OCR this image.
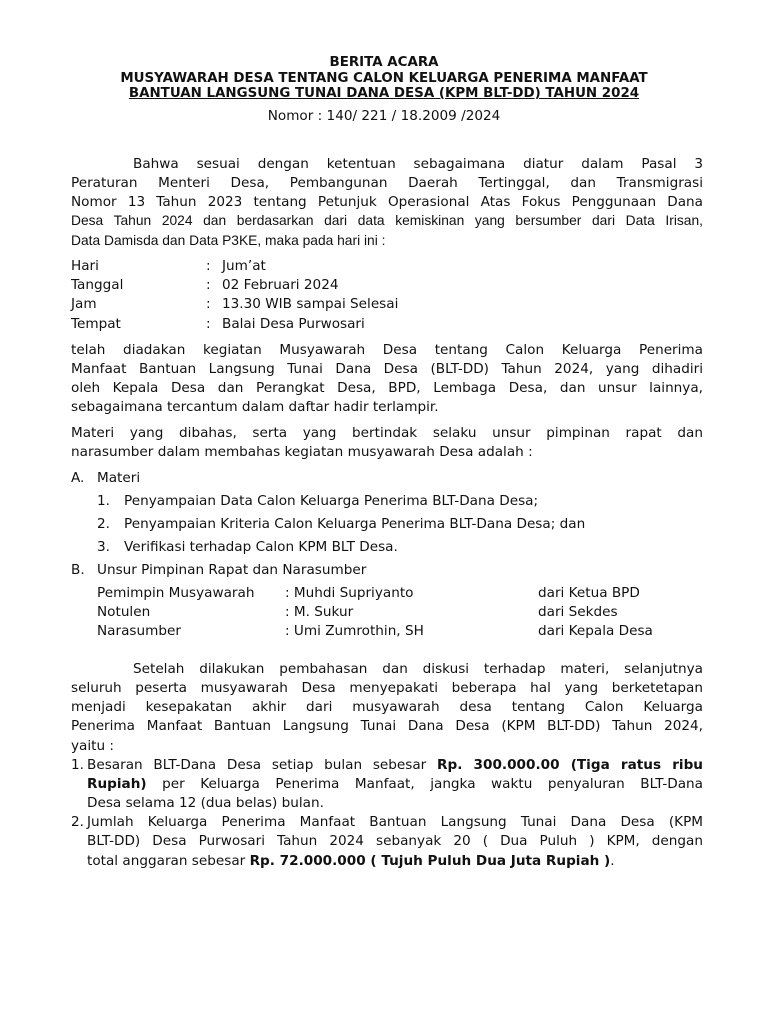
BERITA ACARA
MUSYAWARAH DESA TENTANG CALON KELUARGA PENERIMA MANFAAT
BANTUAN LANGSUNG TUNAI DANA DESA (KPM BLT-DD) TAHUN 2024
Nomor : 140/ 221 / 18.2009 /2024
Bahwa sesuai dengan ketentuan sebagaimana diatur dalam Pasal 3
Peraturan Menteri Desa, Pembangunan Daerah Tertinggal, dan Transmigrasi
Nomor 13 Tahun 2023 tentang Petunjuk Operasional Atas Fokus Penggunaan Dana
Desa Tahun 2024 dan berdasarkan dari data kemiskinan yang bersumber dari Data Irisan,
Data Damisda dan Data P3KE, maka pada hari ini :
Hari	: Jum’at
Tanggal	: 02 Februari 2024
Jam	: 13.30 WIB sampai Selesai
Tempat	: Balai Desa Purwosari
telah diadakan kegiatan Musyawarah Desa tentang Calon Keluarga Penerima
Manfaat Bantuan Langsung Tunai Dana Desa (BLT-DD) Tahun 2024, yang dihadiri
oleh Kepala Desa dan Perangkat Desa, BPD, Lembaga Desa, dan unsur lainnya,
sebagaimana tercantum dalam daftar hadir terlampir.
Materi yang dibahas, serta yang bertindak selaku unsur pimpinan rapat dan
narasumber dalam membahas kegiatan musyawarah Desa adalah :
A. Materi
1. Penyampaian Data Calon Keluarga Penerima BLT-Dana Desa;
2. Penyampaian Kriteria Calon Keluarga Penerima BLT-Dana Desa; dan
3. Verifikasi terhadap Calon KPM BLT Desa.
B. Unsur Pimpinan Rapat dan Narasumber
Pemimpin Musyawarah : Muhdi Supriyanto	dari Ketua BPD
Notulen	: M. Sukur	dari Sekdes
Narasumber	: Umi Zumrothin, SH	dari Kepala Desa
Setelah dilakukan pembahasan dan diskusi terhadap materi, selanjutnya
seluruh peserta musyawarah Desa menyepakati beberapa hal yang berketetapan
menjadi kesepakatan akhir dari musyawarah desa tentang Calon Keluarga
Penerima Manfaat Bantuan Langsung Tunai Dana Desa (KPM BLT-DD) Tahun 2024,
yaitu :
1. Besaran BLT-Dana Desa setiap bulan sebesar Rp. 300.000.00 (Tiga ratus ribu
Rupiah) per Keluarga Penerima Manfaat, jangka waktu penyaluran BLT-Dana
Desa selama 12 (dua belas) bulan.
2. Jumlah Keluarga Penerima Manfaat Bantuan Langsung Tunai Dana Desa (KPM
BLT-DD) Desa Purwosari Tahun 2024 sebanyak 20 ( Dua Puluh ) KPM, dengan
total anggaran sebesar Rp. 72.000.000 ( Tujuh Puluh Dua Juta Rupiah ).
